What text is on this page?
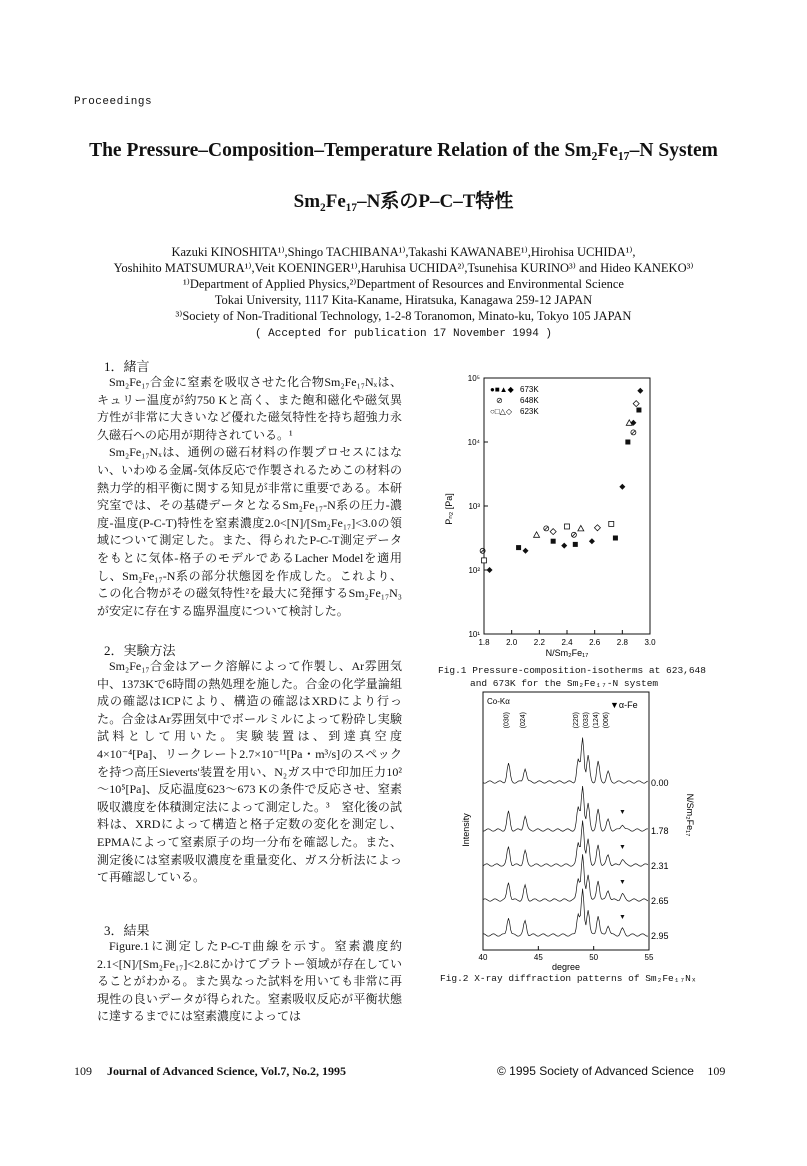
Proceedings
The Pressure–Composition–Temperature Relation of the Sm₂Fe₁₇–N System
Sm₂Fe₁₇–N系のP–C–T特性
Kazuki KINOSHITA¹⁾,Shingo TACHIBANA¹⁾,Takashi KAWANABE¹⁾,Hirohisa UCHIDA¹⁾,
Yoshihito MATSUMURA¹⁾,Veit KOENINGER¹⁾,Haruhisa UCHIDA²⁾,Tsunehisa KURINO³⁾ and Hideo KANEKO³⁾
¹⁾Department of Applied Physics,²⁾Department of Resources and Environmental Science
Tokai University, 1117 Kita-Kaname, Hiratsuka, Kanagawa 259-12 JAPAN
³⁾Society of Non-Traditional Technology, 1-2-8 Toranomon, Minato-ku, Tokyo 105 JAPAN
( Accepted for publication 17 November 1994 )
1．緒言

Sm₂Fe₁₇合金に窒素を吸収させた化合物Sm₂Fe₁₇Nₓは、キュリー温度が約750 Kと高く、また飽和磁化や磁気異方性が非常に大きいなど優れた磁気特性を持ち超強力永久磁石への応用が期待されている。¹

Sm₂Fe₁₇Nₓは、通例の磁石材料の作製プロセスにはない、いわゆる金属-気体反応で作製されるためこの材料の熱力学的相平衡に関する知見が非常に重要である。本研究室では、その基礎データとなるSm₂Fe₁₇-N系の圧力-濃度-温度(P-C-T)特性を窒素濃度2.0<[N]/[Sm₂Fe₁₇]<3.0の領域について測定した。また、得られたP-C-T測定データをもとに気体-格子のモデルであるLacher Modelを適用し、Sm₂Fe₁₇-N系の部分状態図を作成した。これより、この化合物がその磁気特性²を最大に発揮するSm₂Fe₁₇N₃が安定に存在する臨界温度について検討した。

2．実験方法

Sm₂Fe₁₇合金はアーク溶解によって作製し、Ar雰囲気中、1373Kで6時間の熱処理を施した。合金の化学量論組成の確認はICPにより、構造の確認はXRDにより行った。合金はAr雰囲気中でボールミルによって粉砕し実験試料として用いた。実験装置は、到達真空度4×10⁻⁴[Pa]、リークレート2.7×10⁻¹¹[Pa・m³/s]のスペックを持つ高圧Sieverts'装置を用い、N₂ガス中で印加圧力10²～10⁵[Pa]、反応温度623～673 Kの条件で反応させ、窒素吸収濃度を体積測定法によって測定した。³　窒化後の試料は、XRDによって構造と格子定数の変化を測定し、EPMAによって窒素原子の均一分布を確認した。また、測定後には窒素吸収濃度を重量変化、ガス分析法によって再確認している。

3．結果

Figure.1に測定したP-C-T曲線を示す。窒素濃度約2.1<[N]/[Sm₂Fe₁₇]<2.8にかけてプラトー領域が存在していることがわかる。また異なった試料を用いても非常に再現性の良いデータが得られた。窒素吸収反応が平衡状態に達するまでには窒素濃度によっては

10⁵
10⁴
10³
10²
10¹
1.8 2.0 2.2 2.4 2.6 2.8 3.0
●■▲◆ 673K
⊘ 648K
○□△◇ 623K
Pₙ₂ [Pa]
N/Sm₂Fe₁₇
Fig.1 Pressure-composition-isotherms at 623,648
and 673K for the Sm₂Fe₁₇-N system
Co-Kα	▼α-Fe
(030) (024)	(220) (033) (124) (006)
0.00
1.78
2.31
2.65
2.95
40	45	50	55
Intensity	N/Sm₂Fe₁₇
degree
Fig.2 X-ray diffraction patterns of Sm₂Fe₁₇Nₓ
109 Journal of Advanced Science, Vol.7, No.2, 1995	© 1995 Society of Advanced Science 109
